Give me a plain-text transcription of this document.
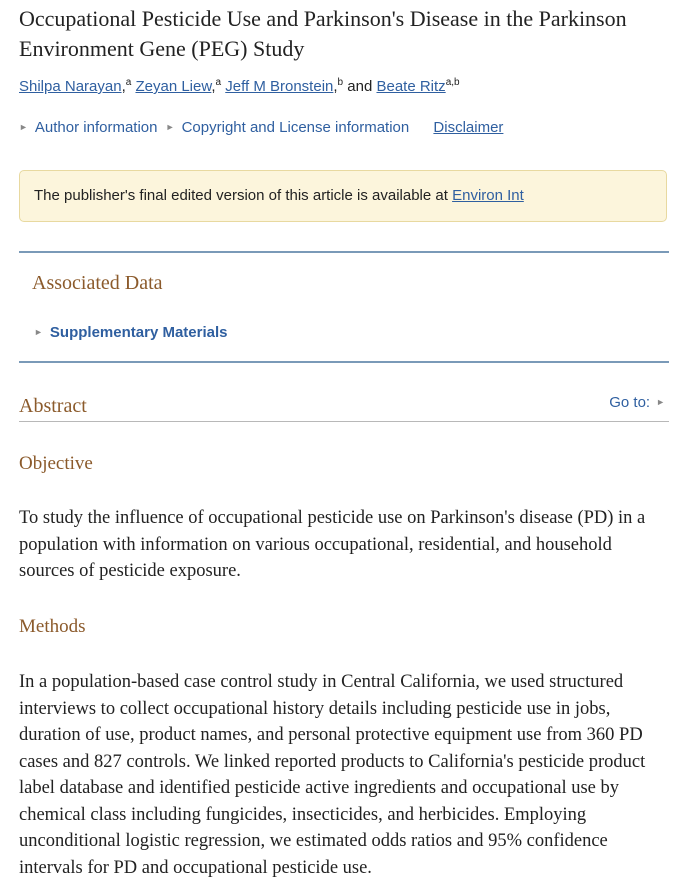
Occupational Pesticide Use and Parkinson's Disease in the Parkinson Environment Gene (PEG) Study
Shilpa Narayan,$^a$ Zeyan Liew,$^a$ Jeff M Bronstein,$^b$ and Beate Ritz$^{a,b}$
► Author information ► Copyright and License information Disclaimer
The publisher's final edited version of this article is available at Environ Int
Associated Data
► Supplementary Materials
Abstract	Go to: ►
Objective

To study the influence of occupational pesticide use on Parkinson's disease (PD) in a population with information on various occupational, residential, and household sources of pesticide exposure.

Methods

In a population-based case control study in Central California, we used structured interviews to collect occupational history details including pesticide use in jobs, duration of use, product names, and personal protective equipment use from 360 PD cases and 827 controls. We linked reported products to California's pesticide product label database and identified pesticide active ingredients and occupational use by chemical class including fungicides, insecticides, and herbicides. Employing unconditional logistic regression, we estimated odds ratios and 95% confidence intervals for PD and occupational pesticide use.
